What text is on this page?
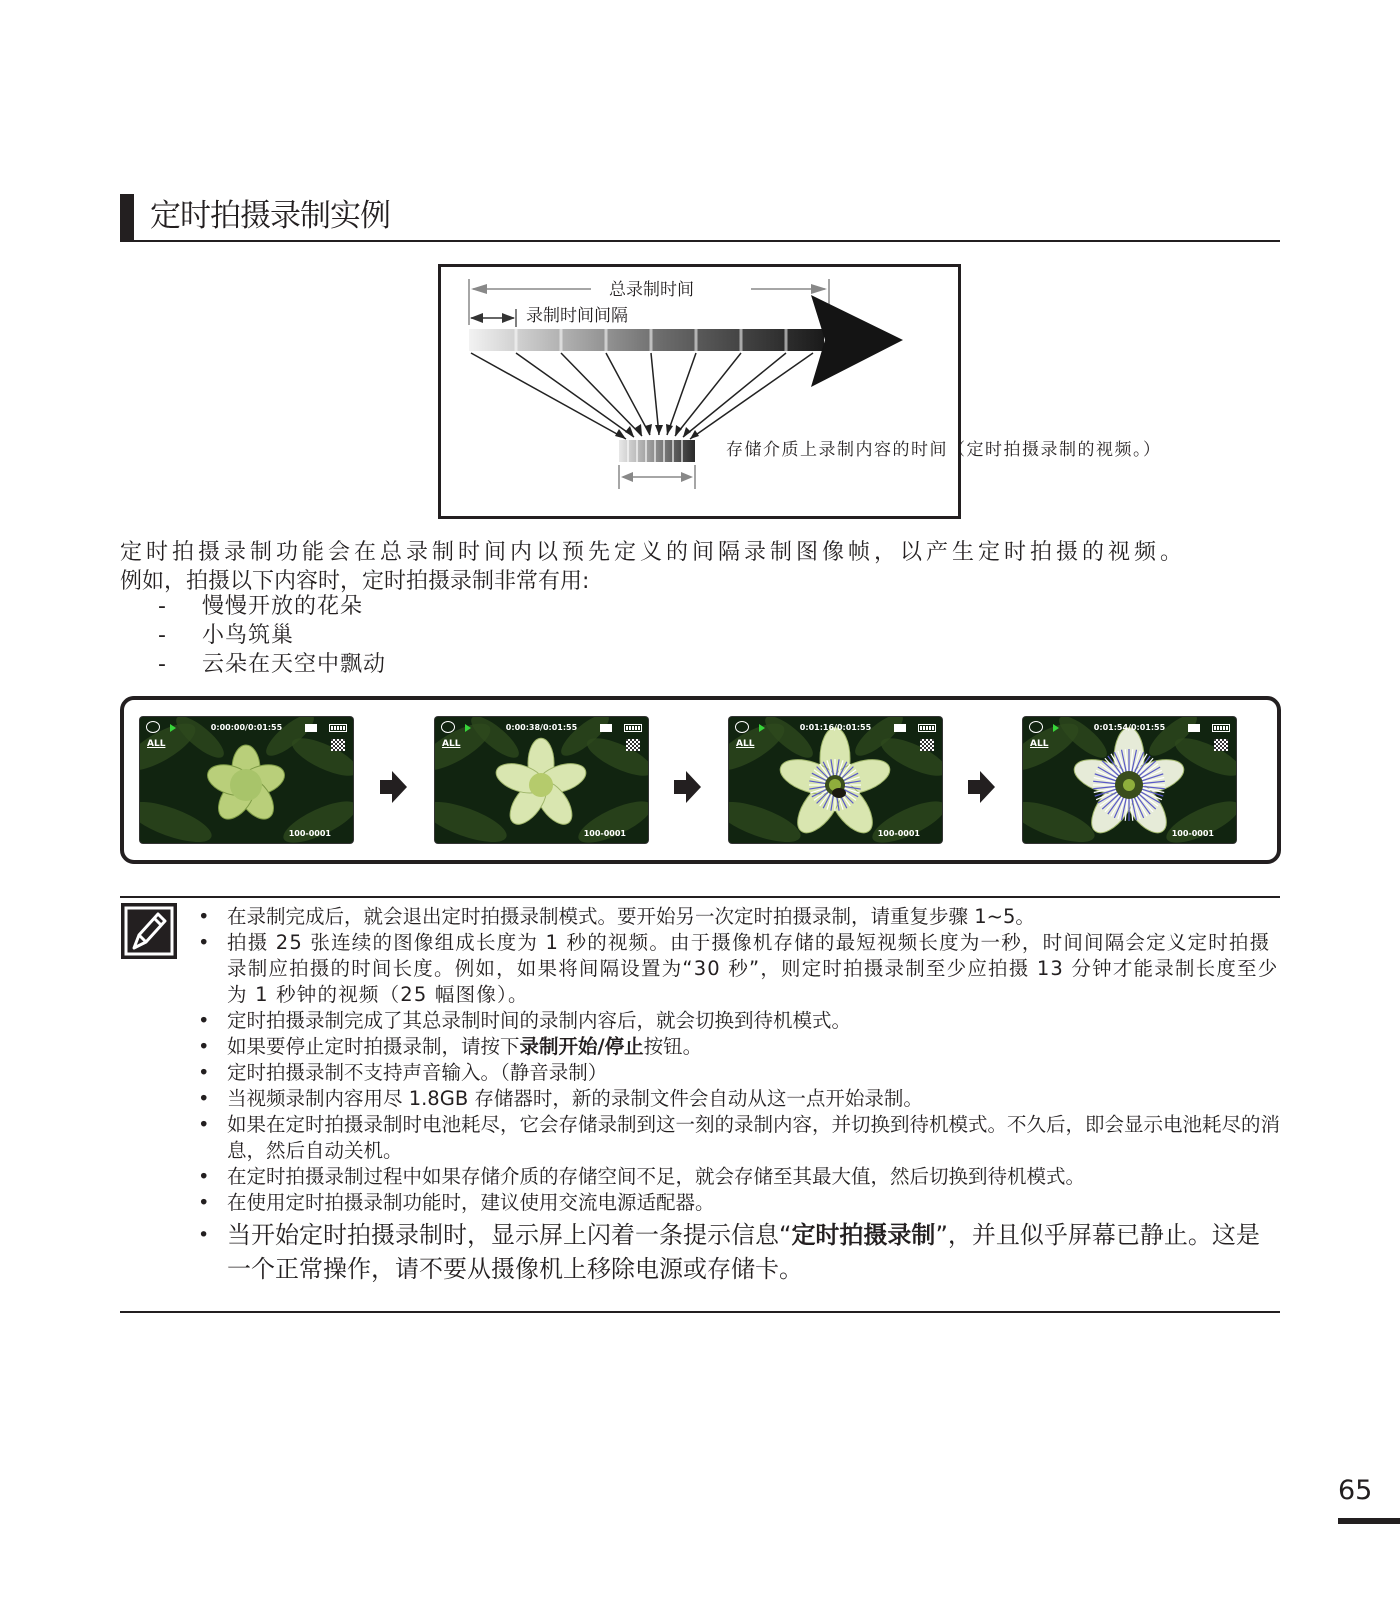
定时拍摄录制实例
总录制时间
录制时间间隔
存储介质上录制内容的时间（定时拍摄录制的视频。）
定时拍摄录制功能会在总录制时间内以预先定义的间隔录制图像帧，以产生定时拍摄的视频。
例如，拍摄以下内容时，定时拍摄录制非常有用:
-	慢慢开放的花朵
-	小鸟筑巢
-	云朵在天空中飘动
ALL
0:00:00/0:01:55
100-0001
ALL
0:00:38/0:01:55
100-0001
ALL
0:01:16/0:01:55
100-0001
ALL
0:01:54/0:01:55
100-0001
• 在录制完成后，就会退出定时拍摄录制模式。要开始另一次定时拍摄录制，请重复步骤 1~5。
• 拍摄 25 张连续的图像组成长度为 1 秒的视频。由于摄像机存储的最短视频长度为一秒，时间间隔会定义定时拍摄录制应拍摄的时间长度。例如，如果将间隔设置为“30 秒”，则定时拍摄录制至少应拍摄 13 分钟才能录制长度至少为 1 秒钟的视频（25 幅图像）。
• 定时拍摄录制完成了其总录制时间的录制内容后，就会切换到待机模式。
• 如果要停止定时拍摄录制，请按下录制开始/停止按钮。
• 定时拍摄录制不支持声音输入。（静音录制）
• 当视频录制内容用尽 1.8GB 存储器时，新的录制文件会自动从这一点开始录制。
• 如果在定时拍摄录制时电池耗尽，它会存储录制到这一刻的录制内容，并切换到待机模式。不久后，即会显示电池耗尽的消息，然后自动关机。
• 在定时拍摄录制过程中如果存储介质的存储空间不足，就会存储至其最大值，然后切换到待机模式。
• 在使用定时拍摄录制功能时，建议使用交流电源适配器。
• 当开始定时拍摄录制时，显示屏上闪着一条提示信息“定时拍摄录制”，并且似乎屏幕已静止。这是一个正常操作，请不要从摄像机上移除电源或存储卡。
65
